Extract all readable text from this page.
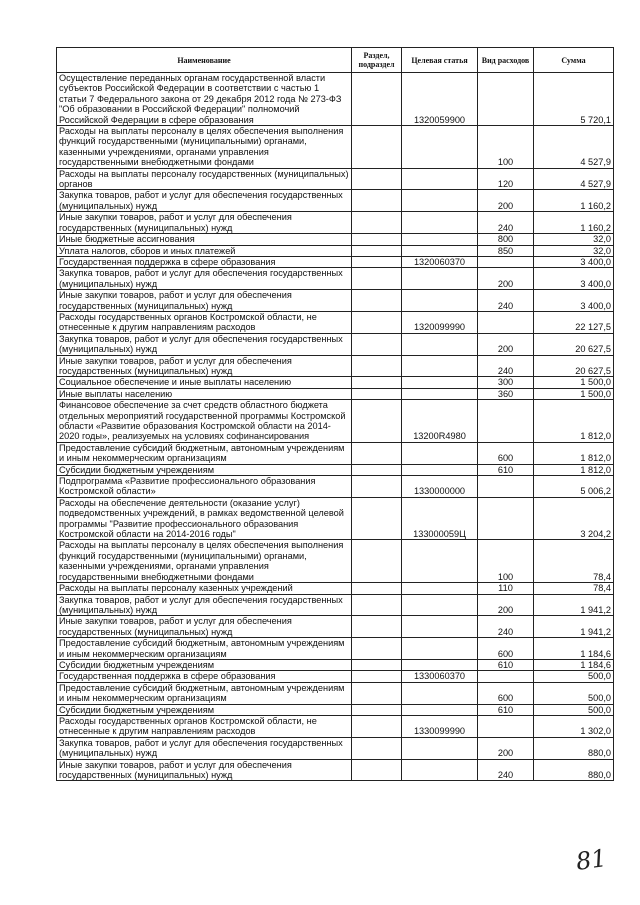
Наименование	Раздел, подраздел	Целевая статья	Вид расходов	Сумма
Осуществление переданных органам государственной власти субъектов Российской Федерации в соответствии с частью 1 статьи 7 Федерального закона от 29 декабря 2012 года № 273-ФЗ "Об образовании в Российской Федерации" полномочий Российской Федерации в сфере образования		1320059900		5 720,1
Расходы на выплаты персоналу в целях обеспечения выполнения функций государственными (муниципальными) органами, казенными учреждениями, органами управления государственными внебюджетными фондами			100	4 527,9
Расходы на выплаты персоналу государственных (муниципальных) органов			120	4 527,9
Закупка товаров, работ и услуг для обеспечения государственных (муниципальных) нужд			200	1 160,2
Иные закупки товаров, работ и услуг для обеспечения государственных (муниципальных) нужд			240	1 160,2
Иные бюджетные ассигнования			800	32,0
Уплата налогов, сборов и иных платежей			850	32,0
Государственная поддержка в сфере образования		1320060370		3 400,0
Закупка товаров, работ и услуг для обеспечения государственных (муниципальных) нужд			200	3 400,0
Иные закупки товаров, работ и услуг для обеспечения государственных (муниципальных) нужд			240	3 400,0
Расходы государственных органов Костромской области, не отнесенные к другим направлениям расходов		1320099990		22 127,5
Закупка товаров, работ и услуг для обеспечения государственных (муниципальных) нужд			200	20 627,5
Иные закупки товаров, работ и услуг для обеспечения государственных (муниципальных) нужд			240	20 627,5
Социальное обеспечение и иные выплаты населению			300	1 500,0
Иные выплаты населению			360	1 500,0
Финансовое обеспечение за счет средств областного бюджета отдельных мероприятий государственной программы Костромской области «Развитие образования Костромской области на 2014-2020 годы», реализуемых на условиях софинансирования		13200R4980		1 812,0
Предоставление субсидий бюджетным, автономным учреждениям и иным некоммерческим организациям			600	1 812,0
Субсидии бюджетным учреждениям			610	1 812,0
Подпрограмма «Развитие профессионального образования Костромской области»		1330000000		5 006,2
Расходы на обеспечение деятельности (оказание услуг) подведомственных учреждений, в рамках ведомственной целевой программы "Развитие профессионального образования Костромской области на 2014-2016 годы"		133000059Ц		3 204,2
Расходы на выплаты персоналу в целях обеспечения выполнения функций государственными (муниципальными) органами, казенными учреждениями, органами управления государственными внебюджетными фондами			100	78,4
Расходы на выплаты персоналу казенных учреждений			110	78,4
Закупка товаров, работ и услуг для обеспечения государственных (муниципальных) нужд			200	1 941,2
Иные закупки товаров, работ и услуг для обеспечения государственных (муниципальных) нужд			240	1 941,2
Предоставление субсидий бюджетным, автономным учреждениям и иным некоммерческим организациям			600	1 184,6
Субсидии бюджетным учреждениям			610	1 184,6
Государственная поддержка в сфере образования		1330060370		500,0
Предоставление субсидий бюджетным, автономным учреждениям и иным некоммерческим организациям			600	500,0
Субсидии бюджетным учреждениям			610	500,0
Расходы государственных органов Костромской области, не отнесенные к другим направлениям расходов		1330099990		1 302,0
Закупка товаров, работ и услуг для обеспечения государственных (муниципальных) нужд			200	880,0
Иные закупки товаров, работ и услуг для обеспечения государственных (муниципальных) нужд			240	880,0
81
